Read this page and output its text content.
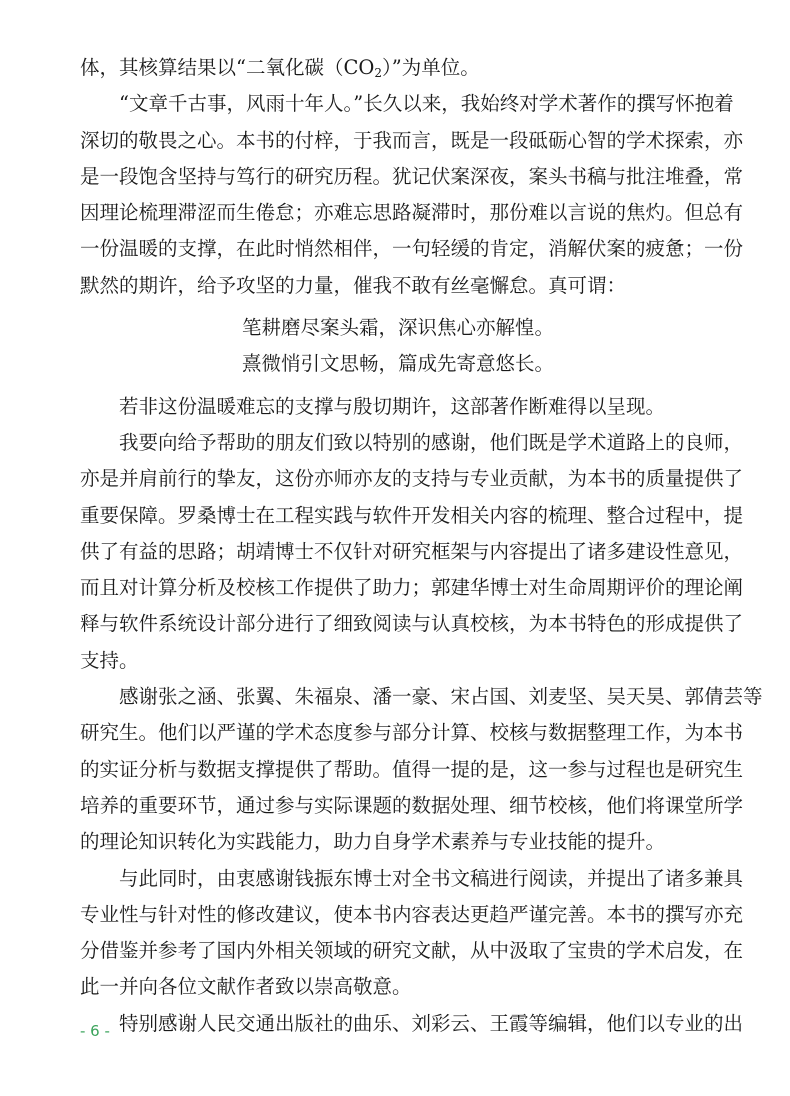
体，其核算结果以“二氧化碳$(CO_2)$”为单位。
“文章千古事，风雨十年人。”长久以来，我始终对学术著作的撰写怀抱着
深切的敬畏之心。本书的付梓，于我而言，既是一段砥砺心智的学术探索，亦
是一段饱含坚持与笃行的研究历程。犹记伏案深夜，案头书稿与批注堆叠，常
因理论梳理滞涩而生倦怠；亦难忘思路凝滞时，那份难以言说的焦灼。但总有
一份温暖的支撑，在此时悄然相伴，一句轻缓的肯定，消解伏案的疲惫；一份
默然的期许，给予攻坚的力量，催我不敢有丝毫懈怠。真可谓：
笔耕磨尽案头霜，深识焦心亦解惶。
熹微悄引文思畅，篇成先寄意悠长。
若非这份温暖难忘的支撑与殷切期许，这部著作断难得以呈现。
我要向给予帮助的朋友们致以特别的感谢，他们既是学术道路上的良师，
亦是并肩前行的挚友，这份亦师亦友的支持与专业贡献，为本书的质量提供了
重要保障。罗桑博士在工程实践与软件开发相关内容的梳理、整合过程中，提
供了有益的思路；胡靖博士不仅针对研究框架与内容提出了诸多建设性意见，
而且对计算分析及校核工作提供了助力；郭建华博士对生命周期评价的理论阐
释与软件系统设计部分进行了细致阅读与认真校核，为本书特色的形成提供了
支持。
感谢张之涵、张翼、朱福泉、潘一豪、宋占国、刘麦坚、吴天昊、郭倩芸等
研究生。他们以严谨的学术态度参与部分计算、校核与数据整理工作，为本书
的实证分析与数据支撑提供了帮助。值得一提的是，这一参与过程也是研究生
培养的重要环节，通过参与实际课题的数据处理、细节校核，他们将课堂所学
的理论知识转化为实践能力，助力自身学术素养与专业技能的提升。
与此同时，由衷感谢钱振东博士对全书文稿进行阅读，并提出了诸多兼具
专业性与针对性的修改建议，使本书内容表达更趋严谨完善。本书的撰写亦充
分借鉴并参考了国内外相关领域的研究文献，从中汲取了宝贵的学术启发，在
此一并向各位文献作者致以崇高敬意。
特别感谢人民交通出版社的曲乐、刘彩云、王霞等编辑，他们以专业的出
- 6 -
